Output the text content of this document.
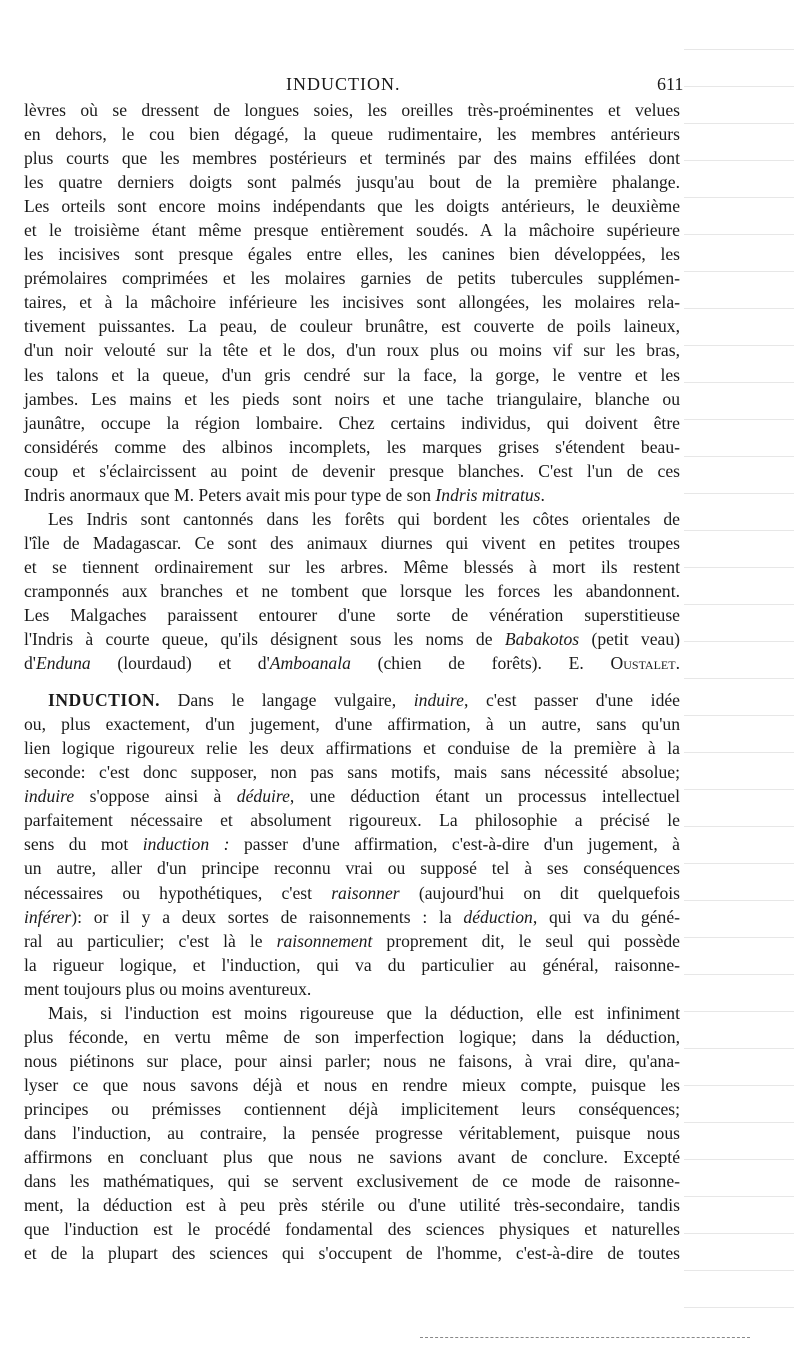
INDUCTION.	611

lèvres où se dressent de longues soies, les oreilles très-proéminentes et velues

en dehors, le cou bien dégagé, la queue rudimentaire, les membres antérieurs

plus courts que les membres postérieurs et terminés par des mains effilées dont

les quatre derniers doigts sont palmés jusqu'au bout de la première phalange.

Les orteils sont encore moins indépendants que les doigts antérieurs, le deuxième

et le troisième étant même presque entièrement soudés. A la mâchoire supérieure

les incisives sont presque égales entre elles, les canines bien développées, les

prémolaires comprimées et les molaires garnies de petits tubercules supplémen-

taires, et à la mâchoire inférieure les incisives sont allongées, les molaires rela-

tivement puissantes. La peau, de couleur brunâtre, est couverte de poils laineux,

d'un noir velouté sur la tête et le dos, d'un roux plus ou moins vif sur les bras,

les talons et la queue, d'un gris cendré sur la face, la gorge, le ventre et les

jambes. Les mains et les pieds sont noirs et une tache triangulaire, blanche ou

jaunâtre, occupe la région lombaire. Chez certains individus, qui doivent être

considérés comme des albinos incomplets, les marques grises s'étendent beau-

coup et s'éclaircissent au point de devenir presque blanches. C'est l'un de ces

Indris anormaux que M. Peters avait mis pour type de son Indris mitratus.

Les Indris sont cantonnés dans les forêts qui bordent les côtes orientales de

l'île de Madagascar. Ce sont des animaux diurnes qui vivent en petites troupes

et se tiennent ordinairement sur les arbres. Même blessés à mort ils restent

cramponnés aux branches et ne tombent que lorsque les forces les abandonnent.

Les Malgaches paraissent entourer d'une sorte de vénération superstitieuse

l'Indris à courte queue, qu'ils désignent sous les noms de Babakotos (petit veau)

d'Enduna (lourdaud) et d'Amboanala (chien de forêts). E. Oustalet.

INDUCTION. Dans le langage vulgaire, induire, c'est passer d'une idée

ou, plus exactement, d'un jugement, d'une affirmation, à un autre, sans qu'un

lien logique rigoureux relie les deux affirmations et conduise de la première à la

seconde: c'est donc supposer, non pas sans motifs, mais sans nécessité absolue;

induire s'oppose ainsi à déduire, une déduction étant un processus intellectuel

parfaitement nécessaire et absolument rigoureux. La philosophie a précisé le

sens du mot induction : passer d'une affirmation, c'est-à-dire d'un jugement, à

un autre, aller d'un principe reconnu vrai ou supposé tel à ses conséquences

nécessaires ou hypothétiques, c'est raisonner (aujourd'hui on dit quelquefois

inférer): or il y a deux sortes de raisonnements : la déduction, qui va du géné-

ral au particulier; c'est là le raisonnement proprement dit, le seul qui possède

la rigueur logique, et l'induction, qui va du particulier au général, raisonne-

ment toujours plus ou moins aventureux.

Mais, si l'induction est moins rigoureuse que la déduction, elle est infiniment

plus féconde, en vertu même de son imperfection logique; dans la déduction,

nous piétinons sur place, pour ainsi parler; nous ne faisons, à vrai dire, qu'ana-

lyser ce que nous savons déjà et nous en rendre mieux compte, puisque les

principes ou prémisses contiennent déjà implicitement leurs conséquences;

dans l'induction, au contraire, la pensée progresse véritablement, puisque nous

affirmons en concluant plus que nous ne savions avant de conclure. Excepté

dans les mathématiques, qui se servent exclusivement de ce mode de raisonne-

ment, la déduction est à peu près stérile ou d'une utilité très-secondaire, tandis

que l'induction est le procédé fondamental des sciences physiques et naturelles

et de la plupart des sciences qui s'occupent de l'homme, c'est-à-dire de toutes
